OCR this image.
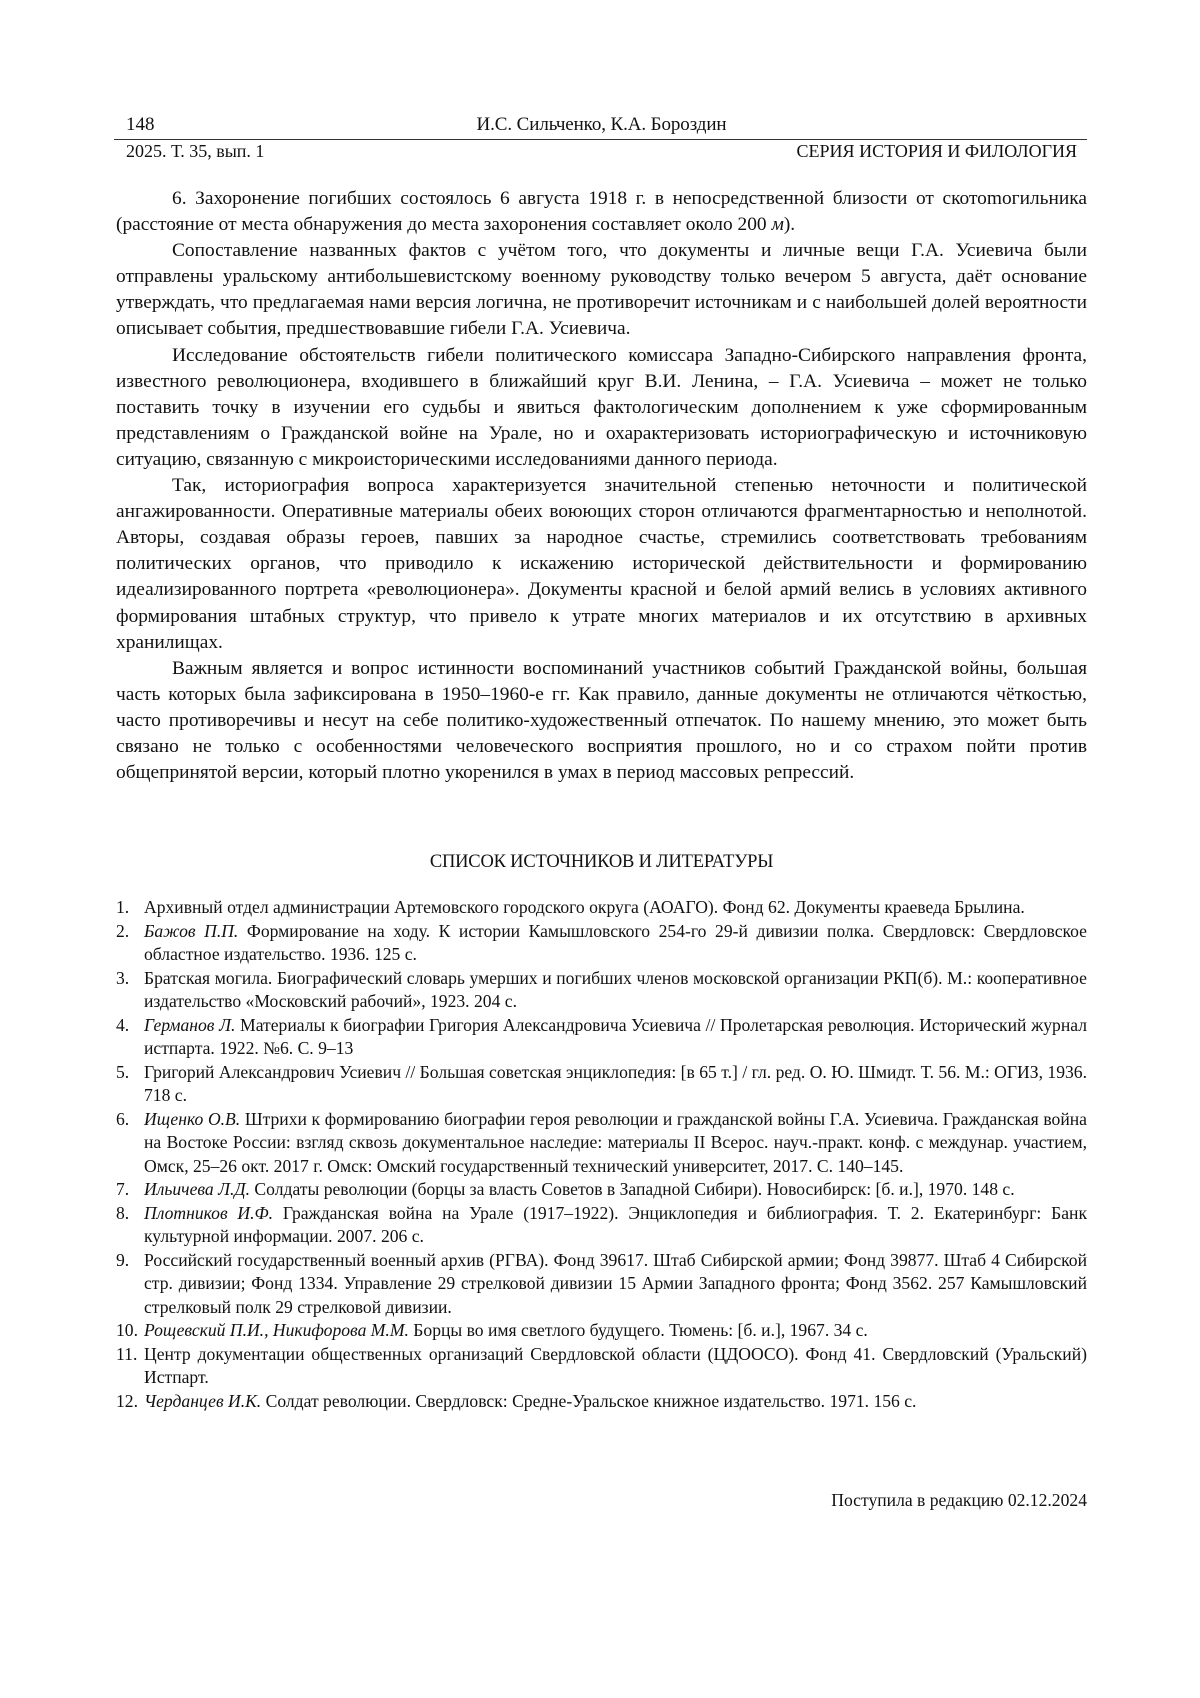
148	И.С. Сильченко, К.А. Бороздин
2025. Т. 35, вып. 1	СЕРИЯ ИСТОРИЯ И ФИЛОЛОГИЯ

6. Захоронение погибших состоялось 6 августа 1918 г. в непосредственной близости от скотоmогильника (расстояние от места обнаружения до места захоронения составляет около 200 м).

Сопоставление названных фактов с учётом того, что документы и личные вещи Г.А. Усиевича были отправлены уральскому антибольшевистскому военному руководству только вечером 5 августа, даёт основание утверждать, что предлагаемая нами версия логична, не противоречит источникам и с наибольшей долей вероятности описывает события, предшествовавшие гибели Г.А. Усиевича.

Исследование обстоятельств гибели политического комиссара Западно-Сибирского направления фронта, известного революционера, входившего в ближайший круг В.И. Ленина, – Г.А. Усиевича – может не только поставить точку в изучении его судьбы и явиться фактологическим дополнением к уже сформированным представлениям о Гражданской войне на Урале, но и охарактеризовать историографическую и источниковую ситуацию, связанную с микроисторическими исследованиями данного периода.

Так, историография вопроса характеризуется значительной степенью неточности и политической ангажированности. Оперативные материалы обеих воюющих сторон отличаются фрагментарностью и неполнотой. Авторы, создавая образы героев, павших за народное счастье, стремились соответствовать требованиям политических органов, что приводило к искажению исторической действительности и формированию идеализированного портрета «революционера». Документы красной и белой армий велись в условиях активного формирования штабных структур, что привело к утрате многих материалов и их отсутствию в архивных хранилищах.

Важным является и вопрос истинности воспоминаний участников событий Гражданской войны, большая часть которых была зафиксирована в 1950–1960-е гг. Как правило, данные документы не отличаются чёткостью, часто противоречивы и несут на себе политико-художественный отпечаток. По нашему мнению, это может быть связано не только с особенностями человеческого восприятия прошлого, но и со страхом пойти против общепринятой версии, который плотно укоренился в умах в период массовых репрессий.

СПИСОК ИСТОЧНИКОВ И ЛИТЕРАТУРЫ
1. Архивный отдел администрации Артемовского городского округа (АОАГО). Фонд 62. Документы краеведа Брылина.
2. Бажов П.П. Формирование на ходу. К истории Камышловского 254-го 29-й дивизии полка. Свердловск: Свердловское областное издательство. 1936. 125 с.
3. Братская могила. Биографический словарь умерших и погибших членов московской организации РКП(б). М.: кооперативное издательство «Московский рабочий», 1923. 204 с.
4. Германов Л. Материалы к биографии Григория Александровича Усиевича // Пролетарская революция. Исторический журнал истпарта. 1922. №6. С. 9–13
5. Григорий Александрович Усиевич // Большая советская энциклопедия: [в 65 т.] / гл. ред. О. Ю. Шмидт. Т. 56. М.: ОГИЗ, 1936. 718 с.
6. Ищенко О.В. Штрихи к формированию биографии героя революции и гражданской войны Г.А. Усиевича. Гражданская война на Востоке России: взгляд сквозь документальное наследие: материалы II Всерос. науч.-практ. конф. с междунар. участием, Омск, 25–26 окт. 2017 г. Омск: Омский государственный технический университет, 2017. С. 140–145.
7. Ильичева Л.Д. Солдаты революции (борцы за власть Советов в Западной Сибири). Новосибирск: [б. и.], 1970. 148 с.
8. Плотников И.Ф. Гражданская война на Урале (1917–1922). Энциклопедия и библиография. Т. 2. Екатеринбург: Банк культурной информации. 2007. 206 с.
9. Российский государственный военный архив (РГВА). Фонд 39617. Штаб Сибирской армии; Фонд 39877. Штаб 4 Сибирской стр. дивизии; Фонд 1334. Управление 29 стрелковой дивизии 15 Армии Западного фронта; Фонд 3562. 257 Камышловский стрелковый полк 29 стрелковой дивизии.
10. Рощевский П.И., Никифорова М.М. Борцы во имя светлого будущего. Тюмень: [б. и.], 1967. 34 с.
11. Центр документации общественных организаций Свердловской области (ЦДООСО). Фонд 41. Свердловский (Уральский) Истпарт.
12. Черданцев И.К. Солдат революции. Свердловск: Средне-Уральское книжное издательство. 1971. 156 с.
Поступила в редакцию 02.12.2024
